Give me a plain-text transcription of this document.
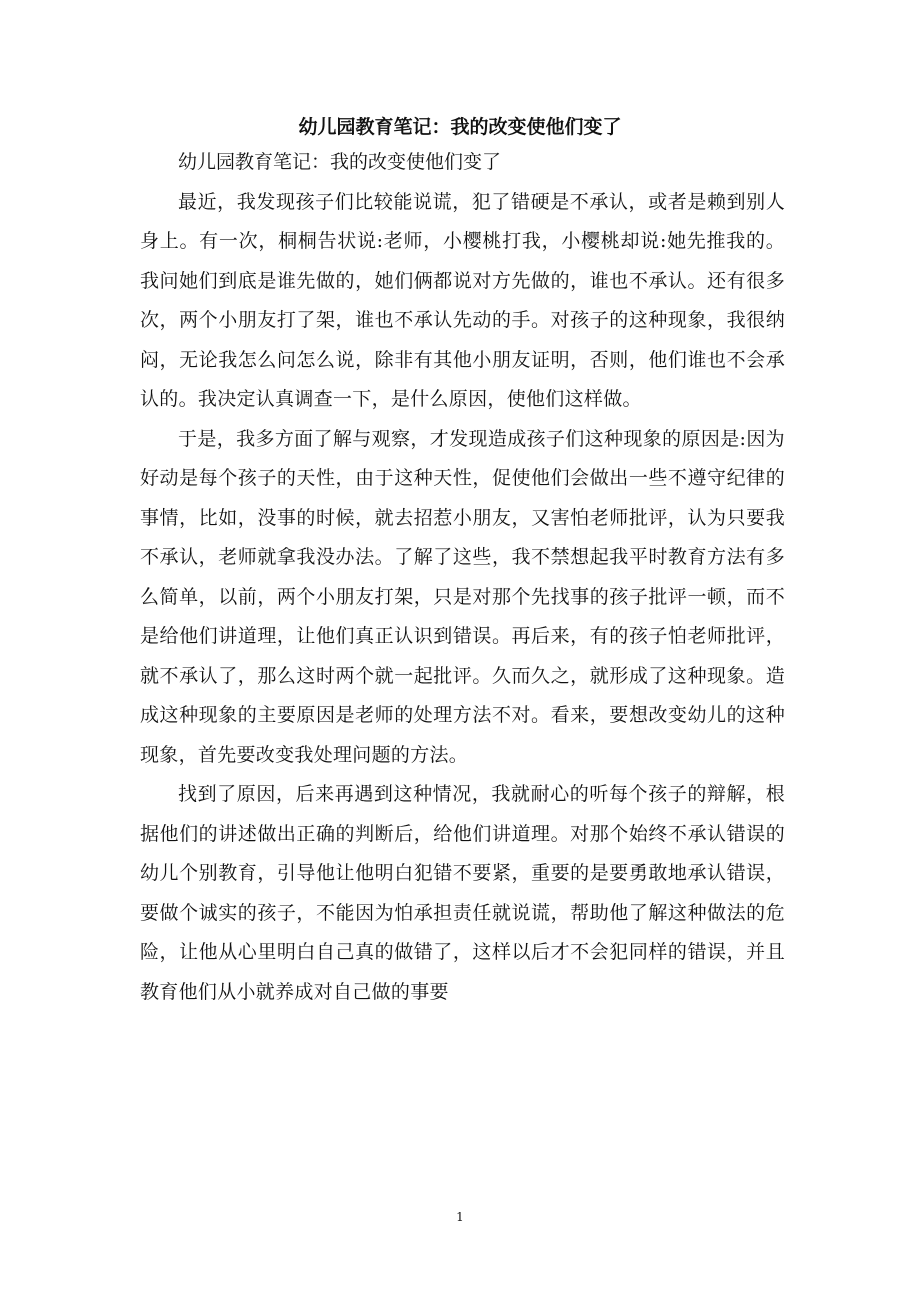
幼儿园教育笔记：我的改变使他们变了

幼儿园教育笔记：我的改变使他们变了

最近，我发现孩子们比较能说谎，犯了错硬是不承认，或者是赖到别人身上。有一次，桐桐告状说:老师，小樱桃打我，小樱桃却说:她先推我的。我问她们到底是谁先做的，她们俩都说对方先做的，谁也不承认。还有很多次，两个小朋友打了架，谁也不承认先动的手。对孩子的这种现象，我很纳闷，无论我怎么问怎么说，除非有其他小朋友证明，否则，他们谁也不会承认的。我决定认真调查一下，是什么原因，使他们这样做。

于是，我多方面了解与观察，才发现造成孩子们这种现象的原因是:因为好动是每个孩子的天性，由于这种天性，促使他们会做出一些不遵守纪律的事情，比如，没事的时候，就去招惹小朋友，又害怕老师批评，认为只要我不承认，老师就拿我没办法。了解了这些，我不禁想起我平时教育方法有多么简单，以前，两个小朋友打架，只是对那个先找事的孩子批评一顿，而不是给他们讲道理，让他们真正认识到错误。再后来，有的孩子怕老师批评，就不承认了，那么这时两个就一起批评。久而久之，就形成了这种现象。造成这种现象的主要原因是老师的处理方法不对。看来，要想改变幼儿的这种现象，首先要改变我处理问题的方法。

找到了原因，后来再遇到这种情况，我就耐心的听每个孩子的辩解，根据他们的讲述做出正确的判断后，给他们讲道理。对那个始终不承认错误的幼儿个别教育，引导他让他明白犯错不要紧，重要的是要勇敢地承认错误，要做个诚实的孩子，不能因为怕承担责任就说谎，帮助他了解这种做法的危险，让他从心里明白自己真的做错了，这样以后才不会犯同样的错误，并且教育他们从小就养成对自己做的事要

1
